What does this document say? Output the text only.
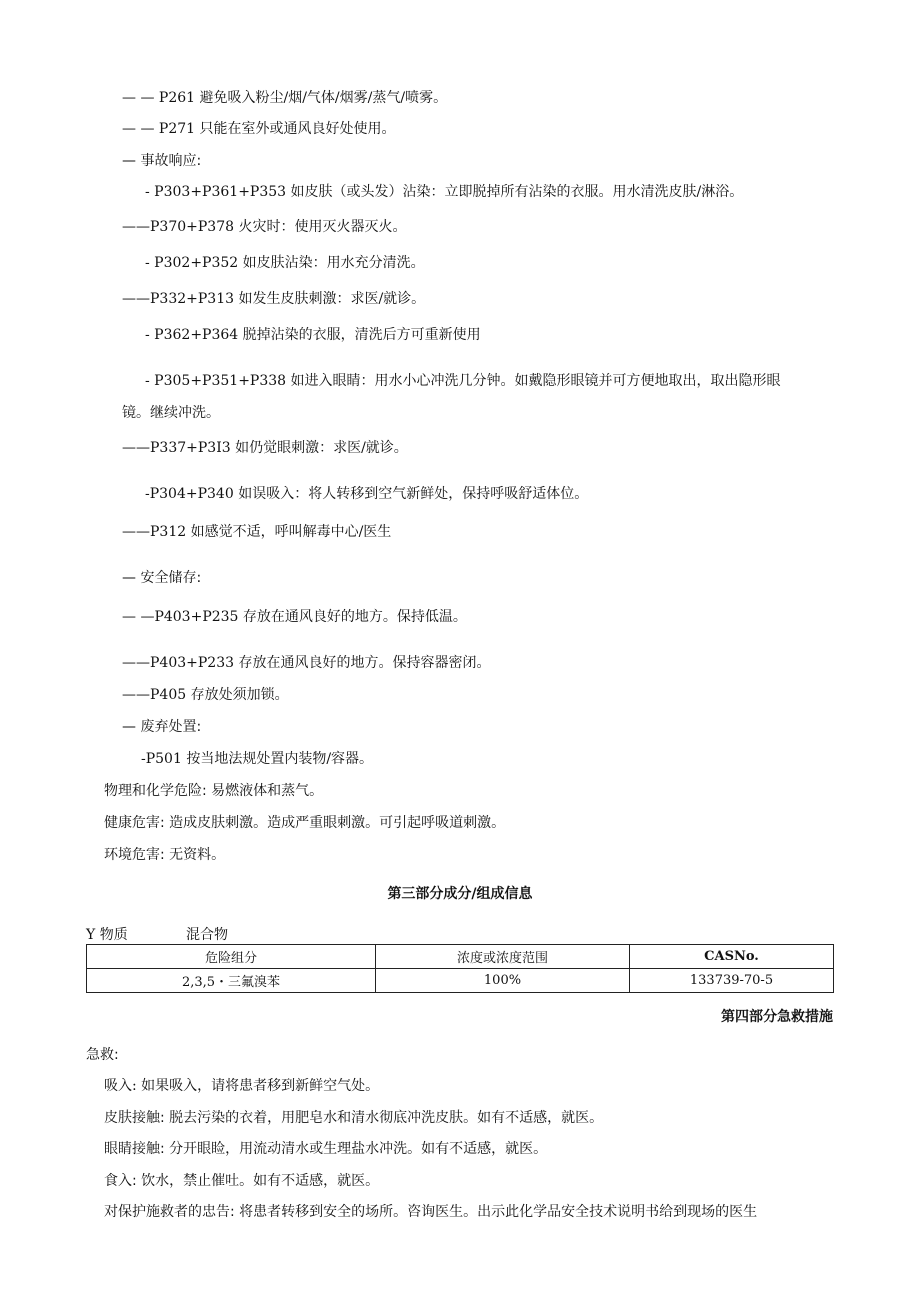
— — P261 避免吸入粉尘/烟/气体/烟雾/蒸气/喷雾。
— — P271 只能在室外或通风良好处使用。
— 事故响应:
- P303+P361+P353 如皮肤（或头发）沾染：立即脱掉所有沾染的衣服。用水清洗皮肤/淋浴。
——P370+P378 火灾时：使用灭火器灭火。
- P302+P352 如皮肤沾染：用水充分清洗。
——P332+P313 如发生皮肤刺激：求医/就诊。
- P362+P364 脱掉沾染的衣服，清洗后方可重新使用
- P305+P351+P338 如进入眼睛：用水小心冲洗几分钟。如戴隐形眼镜并可方便地取出，取出隐形眼
镜。继续冲洗。
——P337+P3I3 如仍觉眼刺激：求医/就诊。
-P304+P340 如误吸入：将人转移到空气新鲜处，保持呼吸舒适体位。
——P312 如感觉不适，呼叫解毒中心/医生
— 安全储存:
— —P403+P235 存放在通风良好的地方。保持低温。
——P403+P233 存放在通风良好的地方。保持容器密闭。
——P405 存放处须加锁。
— 废弃处置:
-P501 按当地法规处置内装物/容器。
物理和化学危险: 易燃液体和蒸气。
健康危害: 造成皮肤刺激。造成严重眼刺激。可引起呼吸道刺激。
环境危害: 无资料。
第三部分成分/组成信息
Y 物质	混合物
危险组分	浓度或浓度范围	CASNo.
2,3,5・三氟溴苯	100%	133739-70-5
第四部分急救措施
急救:
吸入: 如果吸入，请将患者移到新鲜空气处。
皮肤接触: 脱去污染的衣着，用肥皂水和清水彻底冲洗皮肤。如有不适感，就医。
眼睛接触: 分开眼睑，用流动清水或生理盐水冲洗。如有不适感，就医。
食入: 饮水，禁止催吐。如有不适感，就医。
对保护施救者的忠告: 将患者转移到安全的场所。咨询医生。出示此化学品安全技术说明书给到现场的医生
